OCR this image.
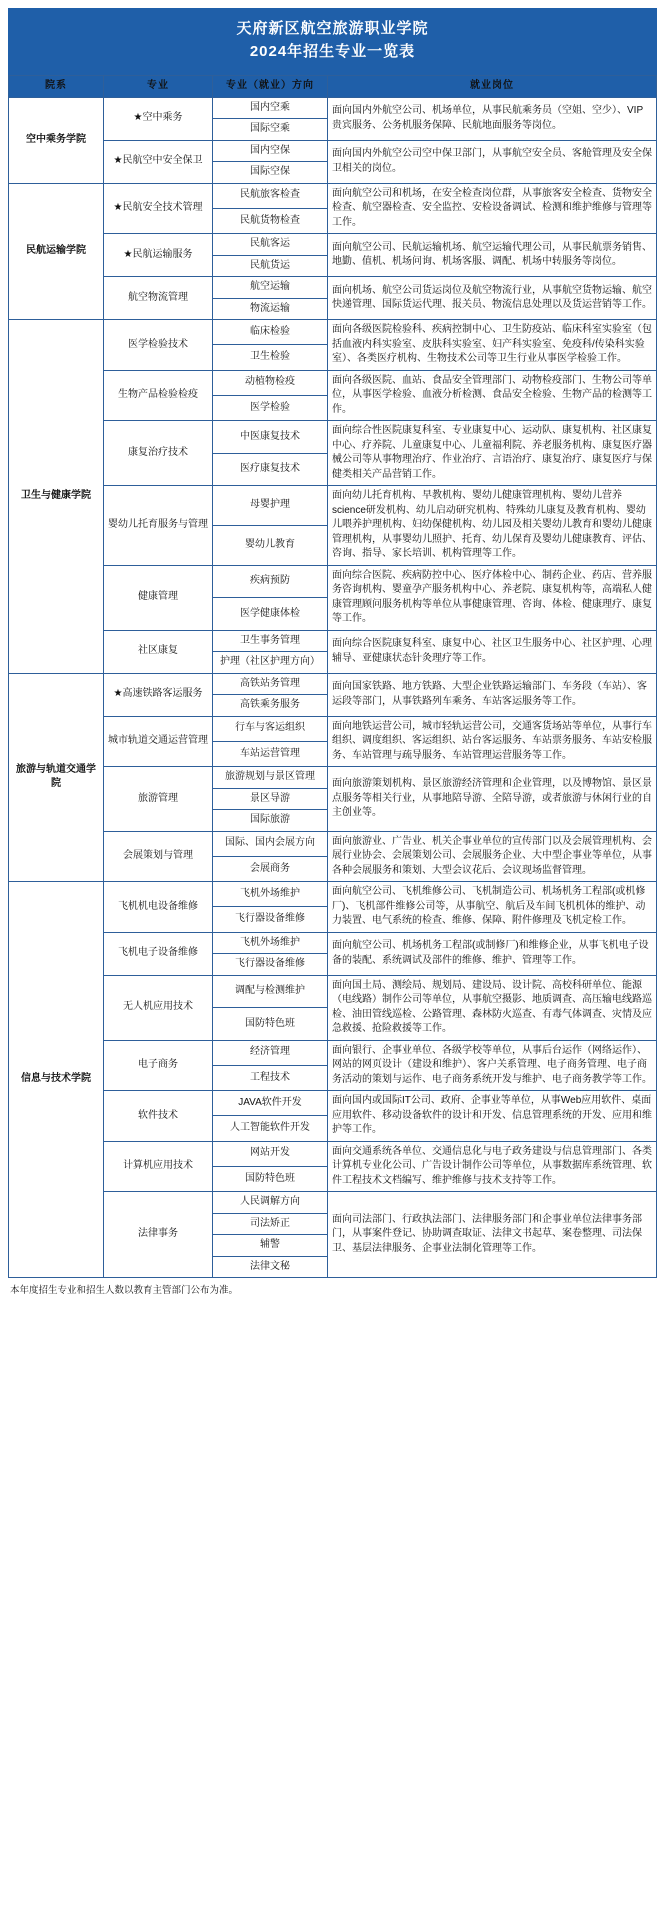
天府新区航空旅游职业学院
2024年招生专业一览表
院系	专业	专业（就业）方向	就业岗位
空中乘务学院	★空中乘务	国内空乘	面向国内外航空公司、机场单位，从事民航乘务员（空姐、空少）、VIP贵宾服务、公务机服务保障、民航地面服务等岗位。
		国际空乘	
	★民航空中安全保卫	国内空保	面向国内外航空公司空中保卫部门，从事航空安全员、客舱管理及安全保卫相关的岗位。
		国际空保	
民航运输学院	★民航安全技术管理	民航旅客检查	面向航空公司和机场，在安全检查岗位群，从事旅客安全检查、货物安全检查、航空器检查、安全监控、安检设备调试、检测和维护维修与管理等工作。
		民航货物检查	
	★民航运输服务	民航客运	面向航空公司、民航运输机场、航空运输代理公司，从事民航票务销售、地勤、值机、机场问询、机场客服、调配、机场中转服务等岗位。
		民航货运	
	航空物流管理	航空运输	面向机场、航空公司货运岗位及航空物流行业，从事航空货物运输、航空快递管理、国际货运代理、报关员、物流信息处理以及货运营销等工作。
		物流运输	
卫生与健康学院	医学检验技术	临床检验	面向各级医院检验科、疾病控制中心、卫生防疫站、临床科室实验室（包括血液内科实验室、皮肤科实验室、妇产科实验室、免疫科/传染科实验室）、各类医疗机构、生物技术公司等卫生行业从事医学检验工作。
		卫生检验	
	生物产品检验检疫	动植物检疫	面向各级医院、血站、食品安全管理部门、动物检疫部门、生物公司等单位，从事医学检验、血液分析检测、食品安全检验、生物产品的检测等工作。
		医学检验	
	康复治疗技术	中医康复技术	面向综合性医院康复科室、专业康复中心、运动队、康复机构、社区康复中心、疗养院、儿童康复中心、儿童福利院、养老服务机构、康复医疗器械公司等从事物理治疗、作业治疗、言语治疗、康复治疗、康复医疗与保健类相关产品营销工作。
		医疗康复技术	
	婴幼儿托育服务与管理	母婴护理	面向幼儿托育机构、早教机构、婴幼儿健康管理机构、婴幼儿营养science研发机构、幼儿启动研究机构、特殊幼儿康复及教育机构、婴幼儿喂养护理机构、妇幼保健机构、幼儿园及相关婴幼儿教育和婴幼儿健康管理机构，从事婴幼儿照护、托育、幼儿保育及婴幼儿健康教育、评估、咨询、指导、家长培训、机构管理等工作。
		婴幼儿教育	
	健康管理	疾病预防	面向综合医院、疾病防控中心、医疗体检中心、制药企业、药店、营养服务咨询机构、婴童孕产服务机构中心、养老院、康复机构等，高端私人健康管理顾问服务机构等单位从事健康管理、咨询、体检、健康理疗、康复等工作。
		医学健康体检	
	社区康复	卫生事务管理	面向综合医院康复科室、康复中心、社区卫生服务中心、社区护理、心理辅导、亚健康状态针灸理疗等工作。
		护理（社区护理方向）	
旅游与轨道交通学院	★高速铁路客运服务	高铁站务管理	面向国家铁路、地方铁路、大型企业铁路运输部门、车务段（车站）、客运段等部门，从事铁路列车乘务、车站客运服务等工作。
		高铁乘务服务	
	城市轨道交通运营管理	行车与客运组织	面向地铁运营公司，城市轻轨运营公司，交通客货场站等单位，从事行车组织、调度组织、客运组织、站台客运服务、车站票务服务、车站安检服务、车站管理与疏导服务、车站管理运营服务等工作。
		车站运营管理	
	旅游管理	旅游规划与景区管理	面向旅游策划机构、景区旅游经济管理和企业管理，以及博物馆、景区景点服务等相关行业，从事地陪导游、全陪导游，或者旅游与休闲行业的自主创业等。
		景区导游	
		国际旅游	
	会展策划与管理	国际、国内会展方向	面向旅游业、广告业、机关企事业单位的宣传部门以及会展管理机构、会展行业协会、会展策划公司、会展服务企业、大中型企事业等单位，从事各种会展服务和策划、大型会议花后、会议现场监督管理。
		会展商务	
信息与技术学院	飞机机电设备维修	飞机外场维护	面向航空公司、飞机维修公司、飞机制造公司、机场机务工程部(或机修厂)、飞机部件维修公司等，从事航空、航后及车间飞机机体的维护、动力装置、电气系统的检查、维修、保障、附件修理及飞机定检工作。
		飞行器设备维修	
	飞机电子设备维修	飞机外场维护	面向航空公司、机场机务工程部(或制修厂)和维修企业，从事飞机电子设备的装配、系统调试及部件的维修、维护、管理等工作。
		飞行器设备维修	
	无人机应用技术	调配与检测维护	面向国土局、测绘局、规划局、建设局、设计院、高校科研单位、能源（电线路）制作公司等单位，从事航空摄影、地质调查、高压输电线路巡检、油田管线巡检、公路管理、森林防火巡查、有毒气体调查、灾情及应急救援、抢险救援等工作。
		国防特色班	
	电子商务	经济管理	面向银行、企事业单位、各级学校等单位，从事后台运作（网络运作）、网站的网页设计（建设和维护）、客户关系管理、电子商务管理、电子商务活动的策划与运作、电子商务系统开发与维护、电子商务教学等工作。
		工程技术	
	软件技术	JAVA软件开发	面向国内或国际IT公司、政府、企事业等单位，从事Web应用软件、桌面应用软件、移动设备软件的设计和开发、信息管理系统的开发、应用和维护等工作。
		人工智能软件开发	
	计算机应用技术	网站开发	面向交通系统各单位、交通信息化与电子政务建设与信息管理部门、各类计算机专业化公司、广告设计制作公司等单位，从事数据库系统管理、软件工程技术文档编写、维护维修与技术支持等工作。
		国防特色班	
	法律事务	人民调解方向	面向司法部门、行政执法部门、法律服务部门和企事业单位法律事务部门，从事案件登记、协助调查取证、法律文书起草、案卷整理、司法保卫、基层法律服务、企事业法制化管理等工作。
		司法矫正	
		辅警	
		法律文秘	
本年度招生专业和招生人数以教育主管部门公布为准。
